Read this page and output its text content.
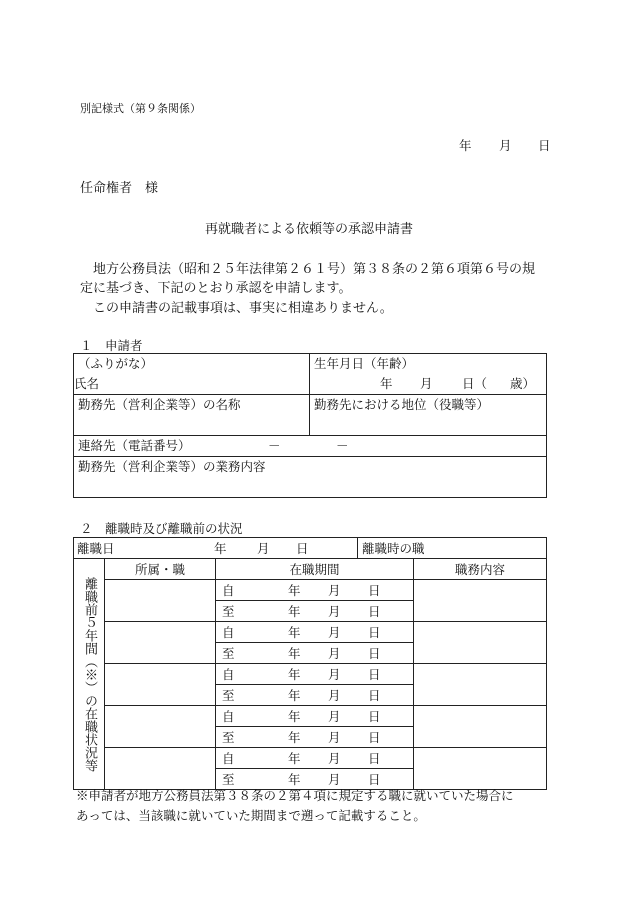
別記様式（第９条関係）
年 月 日
任命権者　様
再就職者による依頼等の承認申請書
地方公務員法（昭和２５年法律第２６１号）第３８条の２第６項第６号の規
定に基づき、下記のとおり承認を申請します。
この申請書の記載事項は、事実に相違ありません。
１　申請者
（ふりがな）
氏名	生年月日（年齢）
年 月 日（ 歳）

勤務先（営利企業等）の名称	勤務先における地位（役職等）

連絡先（電話番号） － －	

勤務先（営利企業等）の業務内容	
２　離職時及び離職前の状況
離職日 年 月 日			離職時の職	

離職前５年間（※）の在職状況等	所属・職	在職期間		職務内容

		自 年 月 日		

		至 年 月 日		

		自 年 月 日		

		至 年 月 日		

		自 年 月 日		

		至 年 月 日		

		自 年 月 日		

		至 年 月 日		

		自 年 月 日		

		至 年 月 日		
※申請者が地方公務員法第３８条の２第４項に規定する職に就いていた場合に
あっては、当該職に就いていた期間まで遡って記載すること。
